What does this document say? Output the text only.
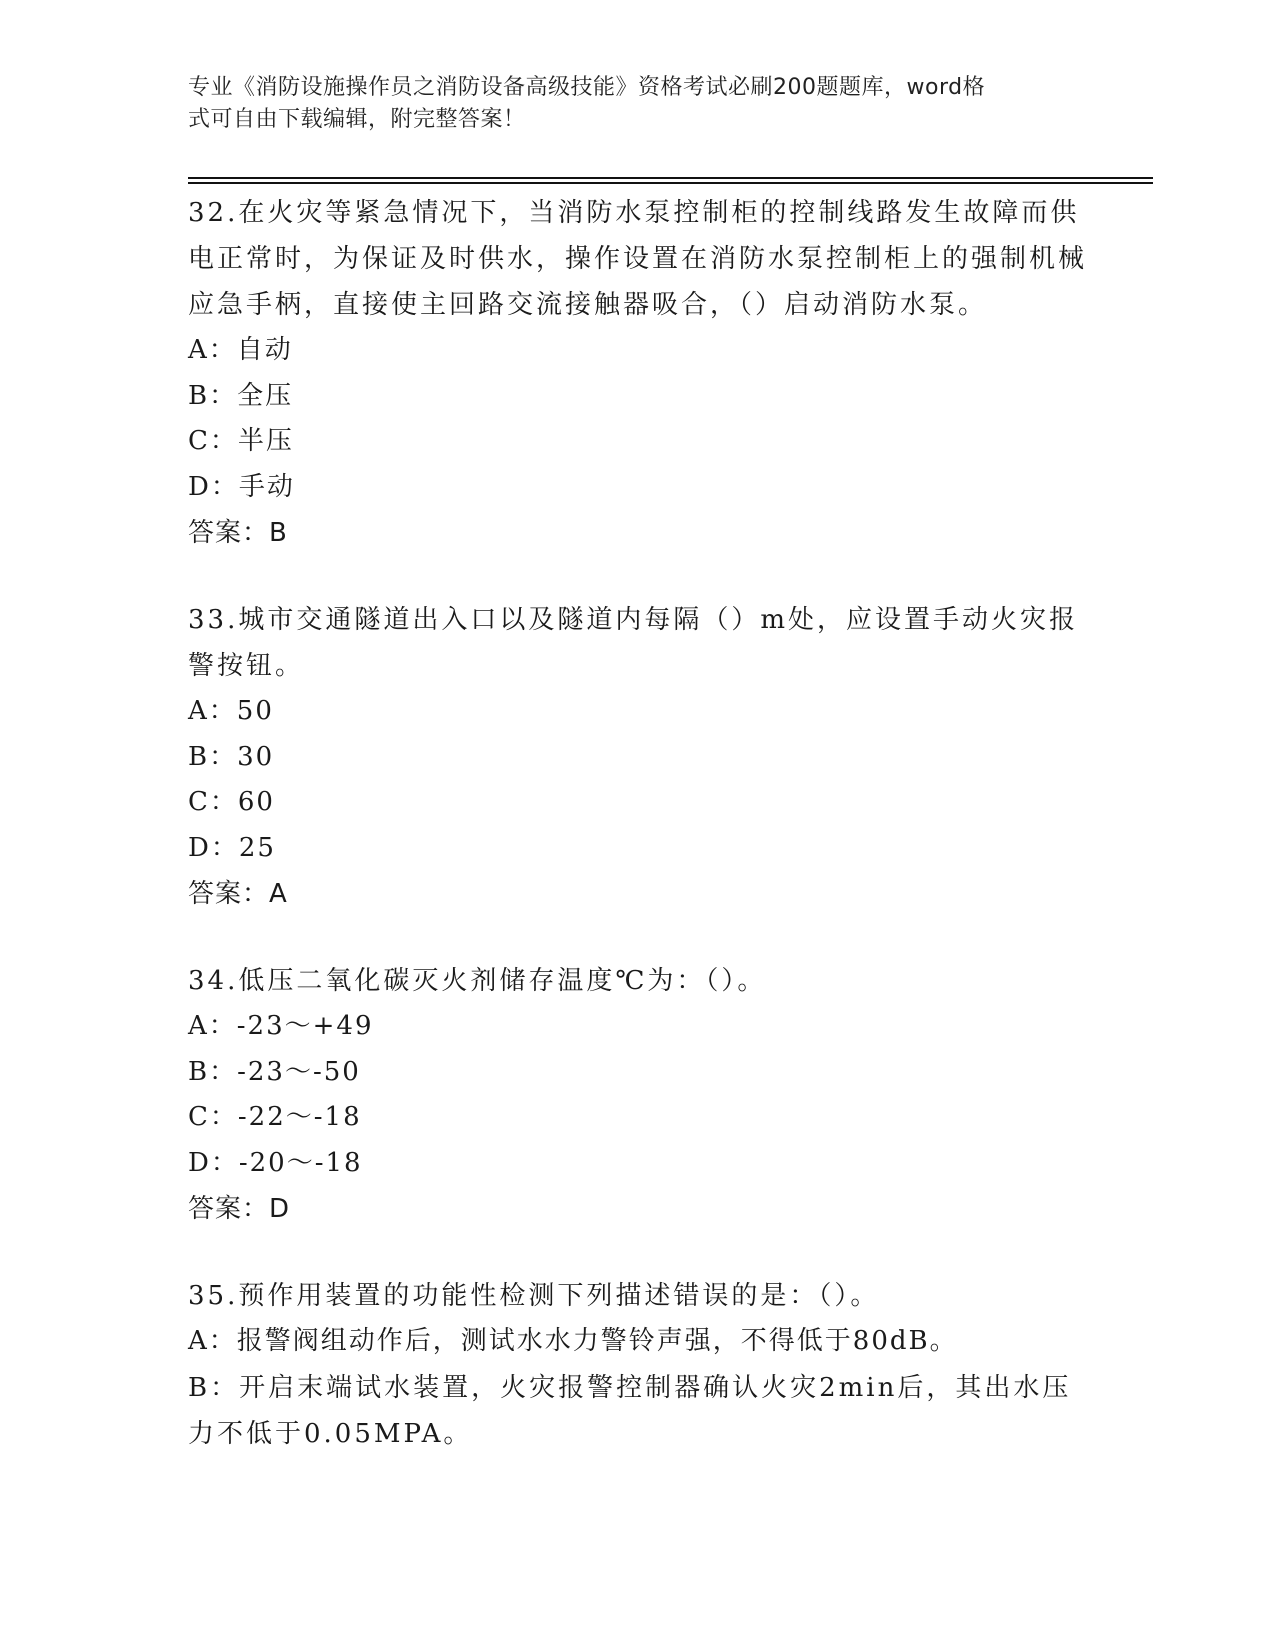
专业《消防设施操作员之消防设备高级技能》资格考试必刷200题题库，word格
式可自由下载编辑，附完整答案！

32.在火灾等紧急情况下，当消防水泵控制柜的控制线路发生故障而供电正常时，为保证及时供水，操作设置在消防水泵控制柜上的强制机械应急手柄，直接使主回路交流接触器吸合，（）启动消防水泵。

A：自动

B：全压

C：半压

D：手动

答案：B

33.城市交通隧道出入口以及隧道内每隔（）m处，应设置手动火灾报警按钮。

A：50

B：30

C：60

D：25

答案：A

34.低压二氧化碳灭火剂储存温度℃为：（）。

A：-23～+49

B：-23～-50

C：-22～-18

D：-20～-18

答案：D

35.预作用装置的功能性检测下列描述错误的是：（）。

A：报警阀组动作后，测试水水力警铃声强，不得低于80dB。

B：开启末端试水装置，火灾报警控制器确认火灾2min后，其出水压力不低于0.05MPA。
